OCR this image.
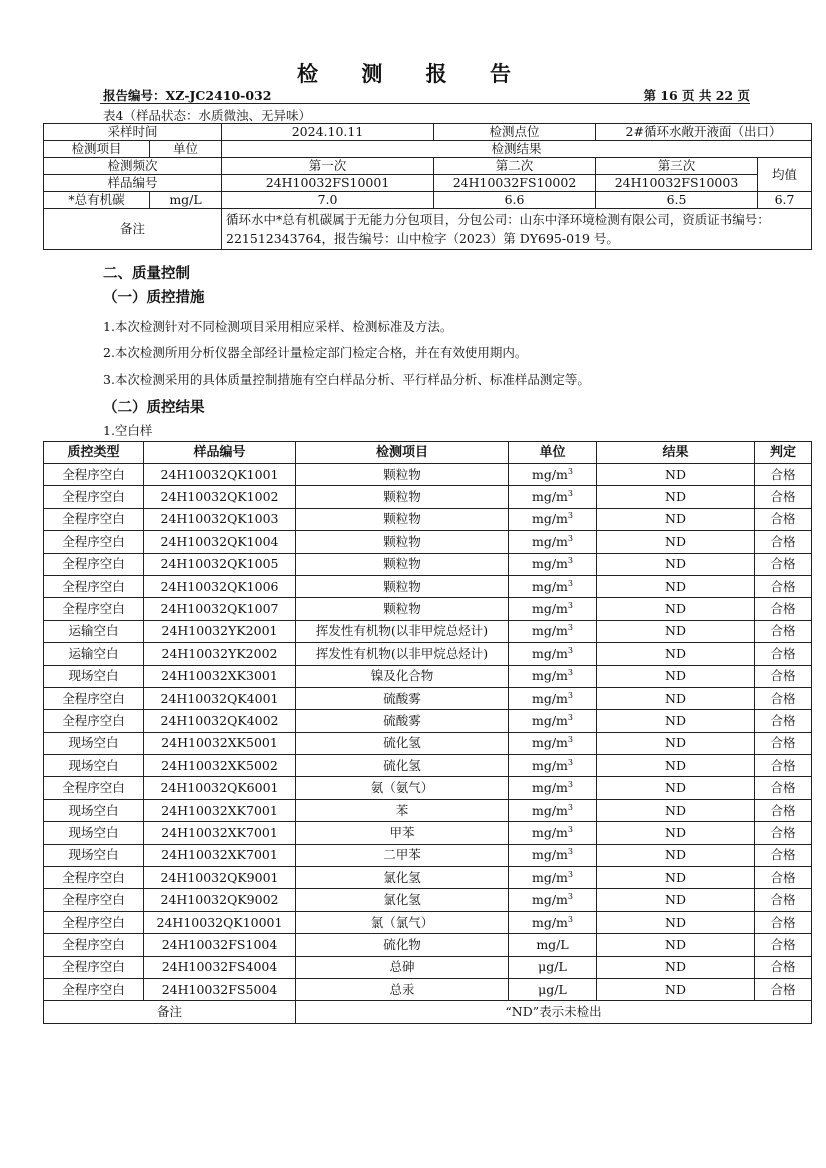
检 测 报 告
报告编号：XZ-JC2410-032	第 16 页 共 22 页
表4（样品状态：水质微浊、无异味）
采样时间		2024.10.11	检测点位	2#循环水敞开液面（出口）	
检测项目	单位	检测结果			
检测频次		第一次	第二次	第三次	均值
样品编号		24H10032FS10001	24H10032FS10002	24H10032FS10003	
*总有机碳	mg/L	7.0	6.6	6.5	6.7
备注		循环水中*总有机碳属于无能力分包项目，分包公司：山东中泽环境检测有限公司，资质证书编号：221512343764，报告编号：山中检字（2023）第 DY695-019 号。			
二、质量控制
（一）质控措施
1.本次检测针对不同检测项目采用相应采样、检测标准及方法。
2.本次检测所用分析仪器全部经计量检定部门检定合格，并在有效使用期内。
3.本次检测采用的具体质量控制措施有空白样品分析、平行样品分析、标准样品测定等。
（二）质控结果
1.空白样
质控类型	样品编号	检测项目	单位	结果	判定
全程序空白	24H10032QK1001	颗粒物	$mg/m^3$	ND	合格
全程序空白	24H10032QK1002	颗粒物	$mg/m^3$	ND	合格
全程序空白	24H10032QK1003	颗粒物	$mg/m^3$	ND	合格
全程序空白	24H10032QK1004	颗粒物	$mg/m^3$	ND	合格
全程序空白	24H10032QK1005	颗粒物	$mg/m^3$	ND	合格
全程序空白	24H10032QK1006	颗粒物	$mg/m^3$	ND	合格
全程序空白	24H10032QK1007	颗粒物	$mg/m^3$	ND	合格
运输空白	24H10032YK2001	挥发性有机物(以非甲烷总烃计)	$mg/m^3$	ND	合格
运输空白	24H10032YK2002	挥发性有机物(以非甲烷总烃计)	$mg/m^3$	ND	合格
现场空白	24H10032XK3001	镍及化合物	$mg/m^3$	ND	合格
全程序空白	24H10032QK4001	硫酸雾	$mg/m^3$	ND	合格
全程序空白	24H10032QK4002	硫酸雾	$mg/m^3$	ND	合格
现场空白	24H10032XK5001	硫化氢	$mg/m^3$	ND	合格
现场空白	24H10032XK5002	硫化氢	$mg/m^3$	ND	合格
全程序空白	24H10032QK6001	氨（氨气）	$mg/m^3$	ND	合格
现场空白	24H10032XK7001	苯	$mg/m^3$	ND	合格
现场空白	24H10032XK7001	甲苯	$mg/m^3$	ND	合格
现场空白	24H10032XK7001	二甲苯	$mg/m^3$	ND	合格
全程序空白	24H10032QK9001	氯化氢	$mg/m^3$	ND	合格
全程序空白	24H10032QK9002	氯化氢	$mg/m^3$	ND	合格
全程序空白	24H10032QK10001	氯（氯气）	$mg/m^3$	ND	合格
全程序空白	24H10032FS1004	硫化物	mg/L	ND	合格
全程序空白	24H10032FS4004	总砷	μg/L	ND	合格
全程序空白	24H10032FS5004	总汞	μg/L	ND	合格
备注		“ND”表示未检出			
